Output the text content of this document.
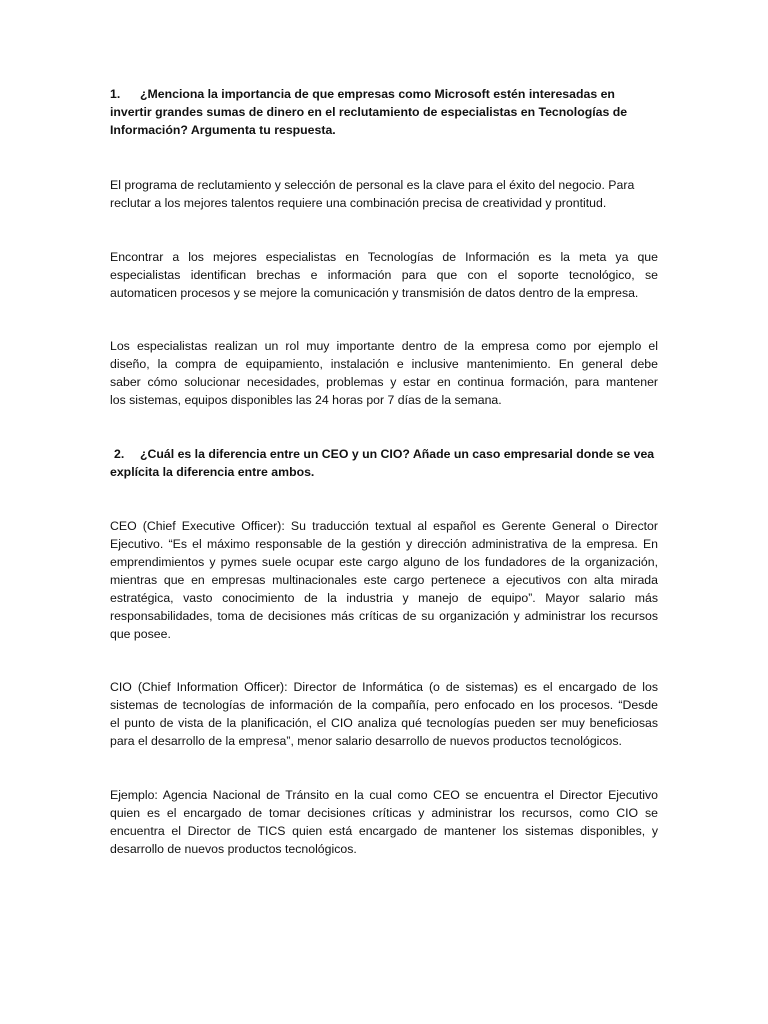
1. ¿Menciona la importancia de que empresas como Microsoft estén interesadas en
invertir grandes sumas de dinero en el reclutamiento de especialistas en Tecnologías de
Información? Argumenta tu respuesta.
El programa de reclutamiento y selección de personal es la clave para el éxito del negocio. Para
reclutar a los mejores talentos requiere una combinación precisa de creatividad y prontitud.
Encontrar a los mejores especialistas en Tecnologías de Información es la meta ya que
especialistas identifican brechas e información para que con el soporte tecnológico, se
automaticen procesos y se mejore la comunicación y transmisión de datos dentro de la empresa.
Los especialistas realizan un rol muy importante dentro de la empresa como por ejemplo el
diseño, la compra de equipamiento, instalación e inclusive mantenimiento. En general debe
saber cómo solucionar necesidades, problemas y estar en continua formación, para mantener
los sistemas, equipos disponibles las 24 horas por 7 días de la semana.
2. ¿Cuál es la diferencia entre un CEO y un CIO? Añade un caso empresarial donde se vea
explícita la diferencia entre ambos.
CEO (Chief Executive Officer): Su traducción textual al español es Gerente General o Director
Ejecutivo. “Es el máximo responsable de la gestión y dirección administrativa de la empresa. En
emprendimientos y pymes suele ocupar este cargo alguno de los fundadores de la organización,
mientras que en empresas multinacionales este cargo pertenece a ejecutivos con alta mirada
estratégica, vasto conocimiento de la industria y manejo de equipo”. Mayor salario más
responsabilidades, toma de decisiones más críticas de su organización y administrar los recursos
que posee.
CIO (Chief Information Officer): Director de Informática (o de sistemas) es el encargado de los
sistemas de tecnologías de información de la compañía, pero enfocado en los procesos. “Desde
el punto de vista de la planificación, el CIO analiza qué tecnologías pueden ser muy beneficiosas
para el desarrollo de la empresa”, menor salario desarrollo de nuevos productos tecnológicos.
Ejemplo: Agencia Nacional de Tránsito en la cual como CEO se encuentra el Director Ejecutivo
quien es el encargado de tomar decisiones críticas y administrar los recursos, como CIO se
encuentra el Director de TICS quien está encargado de mantener los sistemas disponibles, y
desarrollo de nuevos productos tecnológicos.
